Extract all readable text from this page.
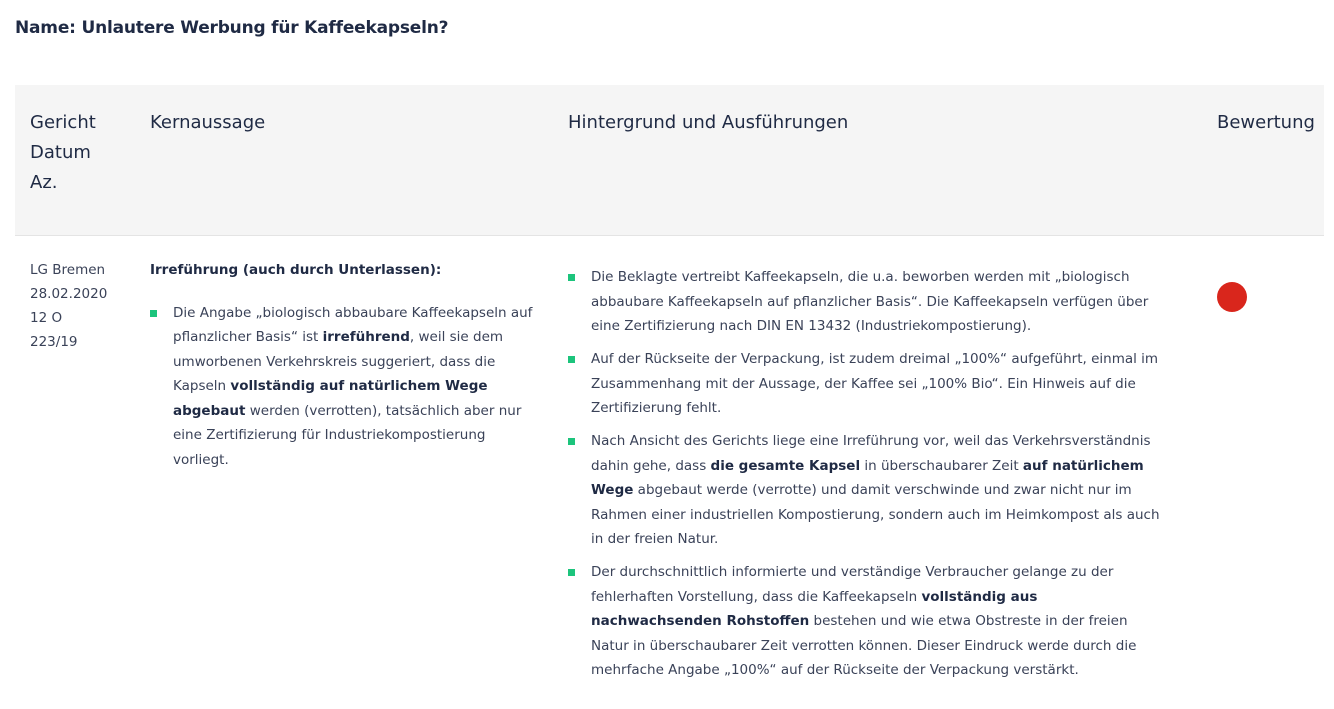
Name: Unlautere Werbung für Kaffeekapseln?
Gericht
Datum
Az.
Kernaussage	Hintergrund und Ausführungen	Bewertung
LG Bremen
28.02.2020
12 O
223/19
Irreführung (auch durch Unterlassen):
Die Angabe „biologisch abbaubare Kaffeekapseln auf pflanzlicher Basis“ ist irreführend, weil sie dem umworbenen Verkehrskreis suggeriert, dass die Kapseln vollständig auf natürlichem Wege abgebaut werden (verrotten), tatsächlich aber nur eine Zertifizierung für Industriekompostierung vorliegt.
Die Beklagte vertreibt Kaffeekapseln, die u.a. beworben werden mit „biologisch abbaubare Kaffeekapseln auf pflanzlicher Basis“. Die Kaffeekapseln verfügen über eine Zertifizierung nach DIN EN 13432 (Industriekompostierung).
Auf der Rückseite der Verpackung, ist zudem dreimal „100%“ aufgeführt, einmal im Zusammenhang mit der Aussage, der Kaffee sei „100% Bio“. Ein Hinweis auf die Zertifizierung fehlt.
Nach Ansicht des Gerichts liege eine Irreführung vor, weil das Verkehrsverständnis dahin gehe, dass die gesamte Kapsel in überschaubarer Zeit auf natürlichem Wege abgebaut werde (verrotte) und damit verschwinde und zwar nicht nur im Rahmen einer industriellen Kompostierung, sondern auch im Heimkompost als auch in der freien Natur.
Der durchschnittlich informierte und verständige Verbraucher gelange zu der fehlerhaften Vorstellung, dass die Kaffeekapseln vollständig aus nachwachsenden Rohstoffen bestehen und wie etwa Obstreste in der freien Natur in überschaubarer Zeit verrotten können. Dieser Eindruck werde durch die mehrfache Angabe „100%“ auf der Rückseite der Verpackung verstärkt.
